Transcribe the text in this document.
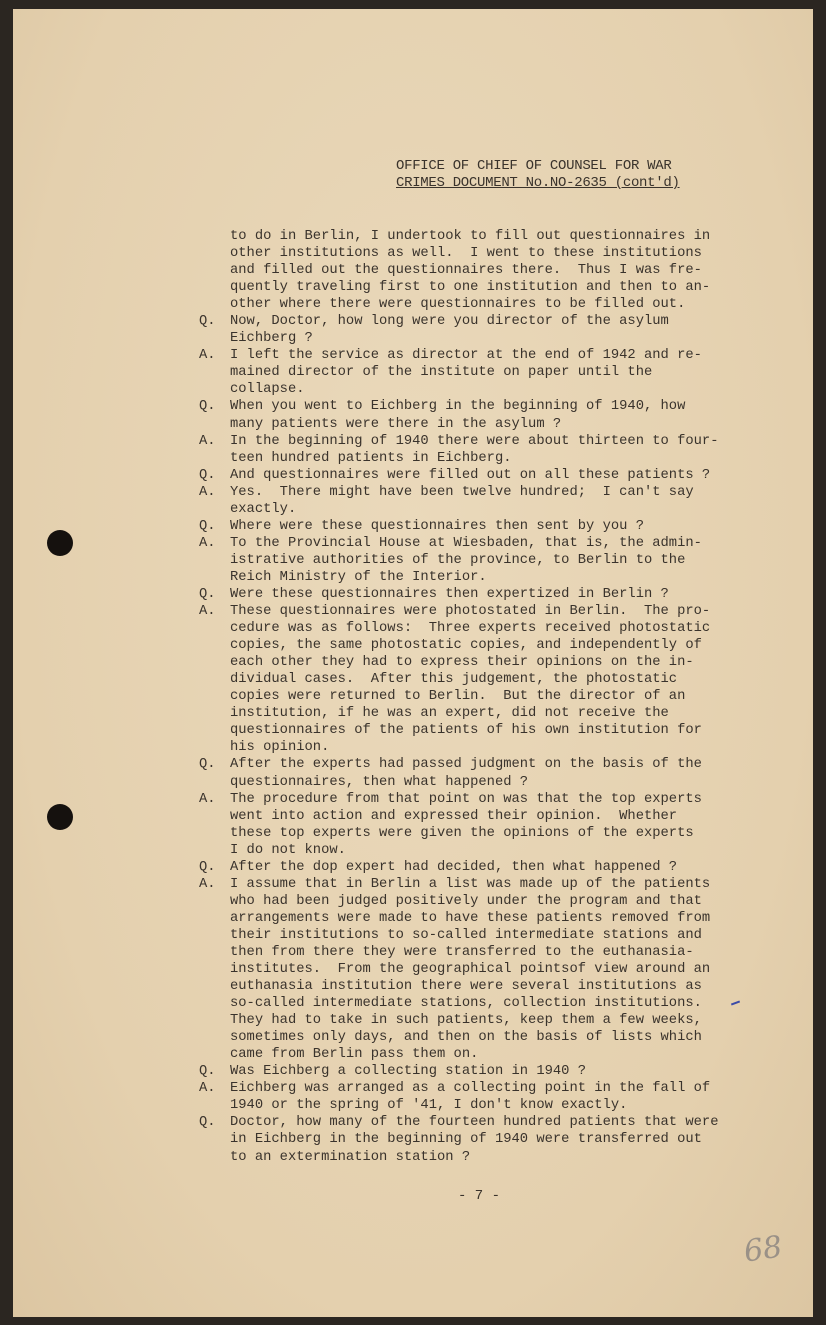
OFFICE OF CHIEF OF COUNSEL FOR WAR
CRIMES DOCUMENT No.NO-2635 (cont'd)
to do in Berlin, I undertook to fill out questionnaires in
other institutions as well.  I went to these institutions
and filled out the questionnaires there.  Thus I was fre-
quently traveling first to one institution and then to an-
other where there were questionnaires to be filled out.
Q.	Now, Doctor, how long were you director of the asylum
Eichberg ?
A.	I left the service as director at the end of 1942 and re-
mained director of the institute on paper until the
collapse.
Q.	When you went to Eichberg in the beginning of 1940, how
many patients were there in the asylum ?
A.	In the beginning of 1940 there were about thirteen to four-
teen hundred patients in Eichberg.
Q.	And questionnaires were filled out on all these patients ?
A.	Yes.  There might have been twelve hundred;  I can't say
exactly.
Q.	Where were these questionnaires then sent by you ?
A.	To the Provincial House at Wiesbaden, that is, the admin-
istrative authorities of the province, to Berlin to the
Reich Ministry of the Interior.
Q.	Were these questionnaires then expertized in Berlin ?
A.	These questionnaires were photostated in Berlin.  The pro-
cedure was as follows:  Three experts received photostatic
copies, the same photostatic copies, and independently of
each other they had to express their opinions on the in-
dividual cases.  After this judgement, the photostatic
copies were returned to Berlin.  But the director of an
institution, if he was an expert, did not receive the
questionnaires of the patients of his own institution for
his opinion.
Q.	After the experts had passed judgment on the basis of the
questionnaires, then what happened ?
A.	The procedure from that point on was that the top experts
went into action and expressed their opinion.  Whether
these top experts were given the opinions of the experts
I do not know.
Q.	After the dop expert had decided, then what happened ?
A.	I assume that in Berlin a list was made up of the patients
who had been judged positively under the program and that
arrangements were made to have these patients removed from
their institutions to so-called intermediate stations and
then from there they were transferred to the euthanasia-
institutes.  From the geographical pointsof view around an
euthanasia institution there were several institutions as
so-called intermediate stations, collection institutions.
They had to take in such patients, keep them a few weeks,
sometimes only days, and then on the basis of lists which
came from Berlin pass them on.
Q.	Was Eichberg a collecting station in 1940 ?
A.	Eichberg was arranged as a collecting point in the fall of
1940 or the spring of '41, I don't know exactly.
Q.	Doctor, how many of the fourteen hundred patients that were
in Eichberg in the beginning of 1940 were transferred out
to an extermination station ?
- 7 -
68
